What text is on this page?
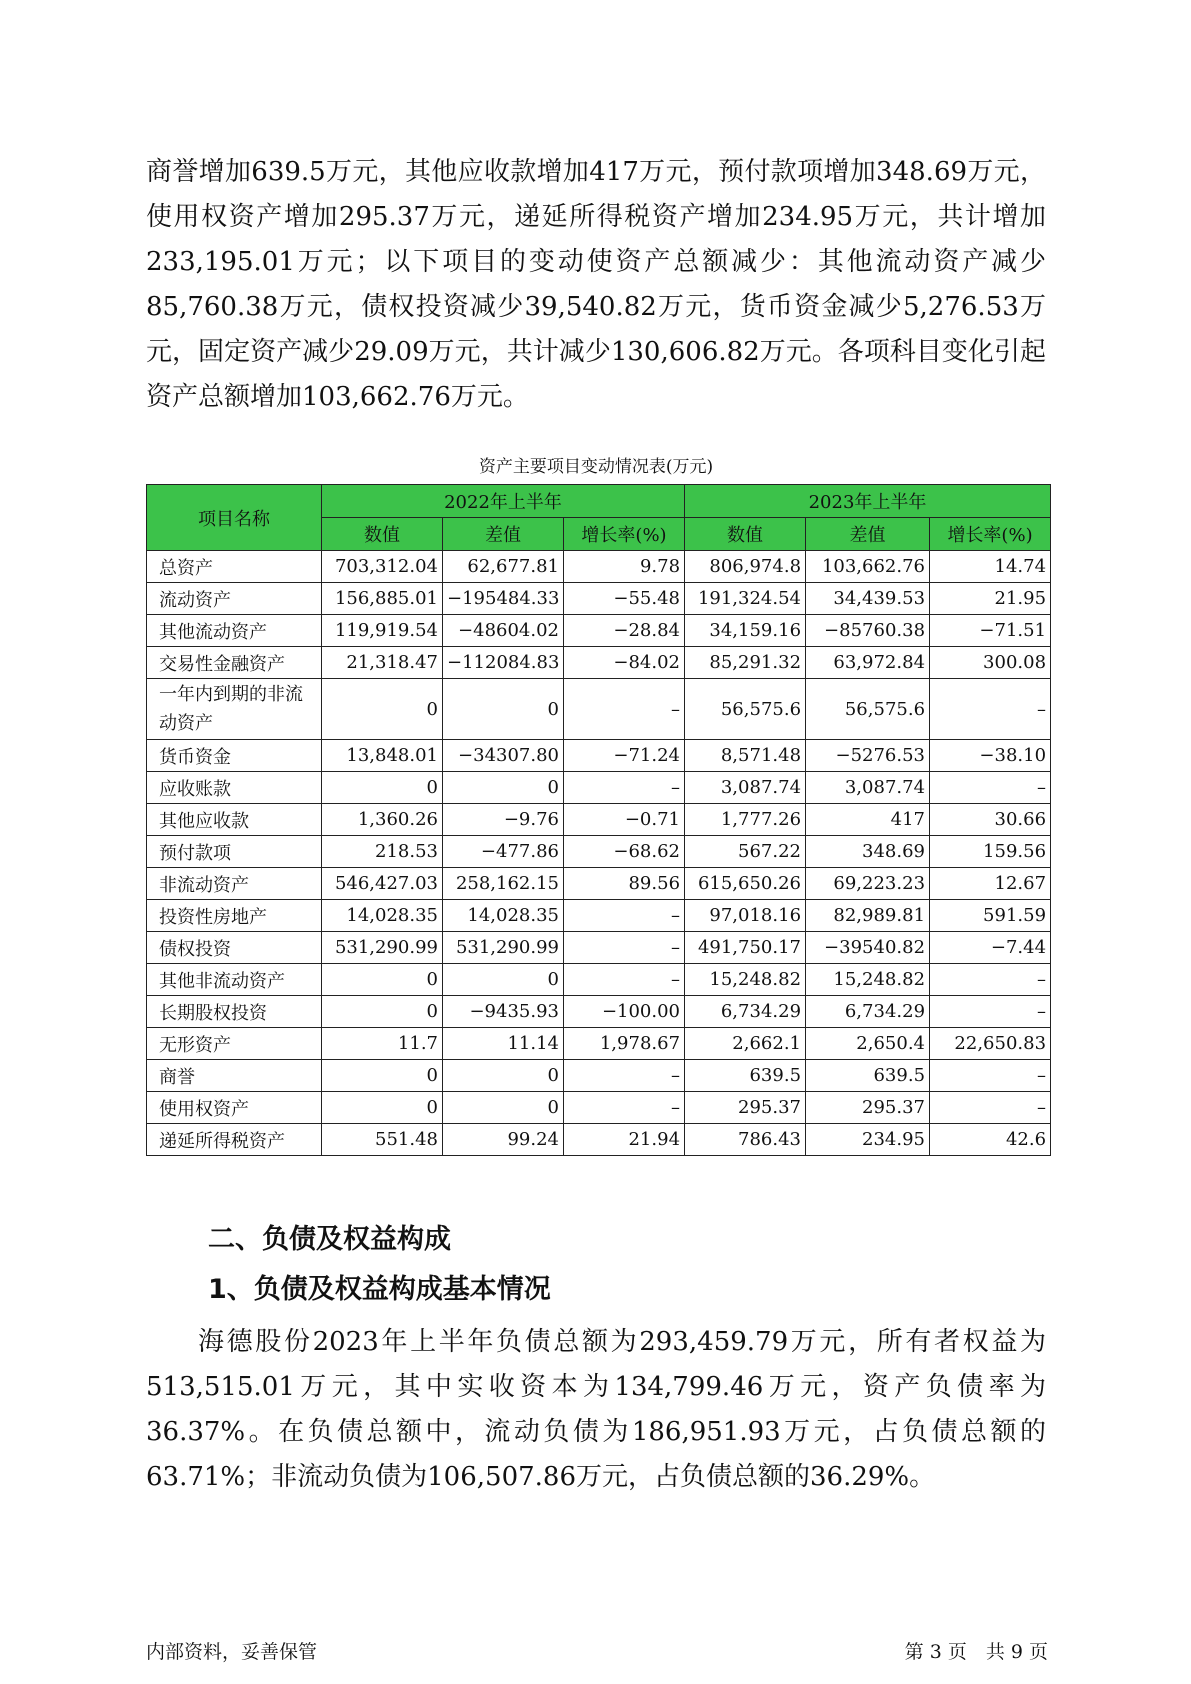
商誉增加639.5万元，其他应收款增加417万元，预付款项增加348.69万元，使用权资产增加295.37万元，递延所得税资产增加234.95万元，共计增加233,195.01万元；以下项目的变动使资产总额减少：其他流动资产减少85,760.38万元，债权投资减少39,540.82万元，货币资金减少5,276.53万元，固定资产减少29.09万元，共计减少130,606.82万元。各项科目变化引起资产总额增加103,662.76万元。

资产主要项目变动情况表(万元)
项目名称	2022年上半年			2023年上半年		
	数值	差值	增长率(%)	数值	差值	增长率(%)
总资产	703,312.04	62,677.81	9.78	806,974.8	103,662.76	14.74
流动资产	156,885.01	−195484.33	−55.48	191,324.54	34,439.53	21.95
其他流动资产	119,919.54	−48604.02	−28.84	34,159.16	−85760.38	−71.51
交易性金融资产	21,318.47	−112084.83	−84.02	85,291.32	63,972.84	300.08
一年内到期的非流动资产	0	0	–	56,575.6	56,575.6	–
货币资金	13,848.01	−34307.80	−71.24	8,571.48	−5276.53	−38.10
应收账款	0	0	–	3,087.74	3,087.74	–
其他应收款	1,360.26	−9.76	−0.71	1,777.26	417	30.66
预付款项	218.53	−477.86	−68.62	567.22	348.69	159.56
非流动资产	546,427.03	258,162.15	89.56	615,650.26	69,223.23	12.67
投资性房地产	14,028.35	14,028.35	–	97,018.16	82,989.81	591.59
债权投资	531,290.99	531,290.99	–	491,750.17	−39540.82	−7.44
其他非流动资产	0	0	–	15,248.82	15,248.82	–
长期股权投资	0	−9435.93	−100.00	6,734.29	6,734.29	–
无形资产	11.7	11.14	1,978.67	2,662.1	2,650.4	22,650.83
商誉	0	0	–	639.5	639.5	–
使用权资产	0	0	–	295.37	295.37	–
递延所得税资产	551.48	99.24	21.94	786.43	234.95	42.6
二、负债及权益构成
1、负债及权益构成基本情况

海德股份2023年上半年负债总额为293,459.79万元，所有者权益为513,515.01万元，其中实收资本为134,799.46万元，资产负债率为36.37%。在负债总额中，流动负债为186,951.93万元，占负债总额的63.71%；非流动负债为106,507.86万元，占负债总额的36.29%。

内部资料，妥善保管	第 3 页　共 9 页
